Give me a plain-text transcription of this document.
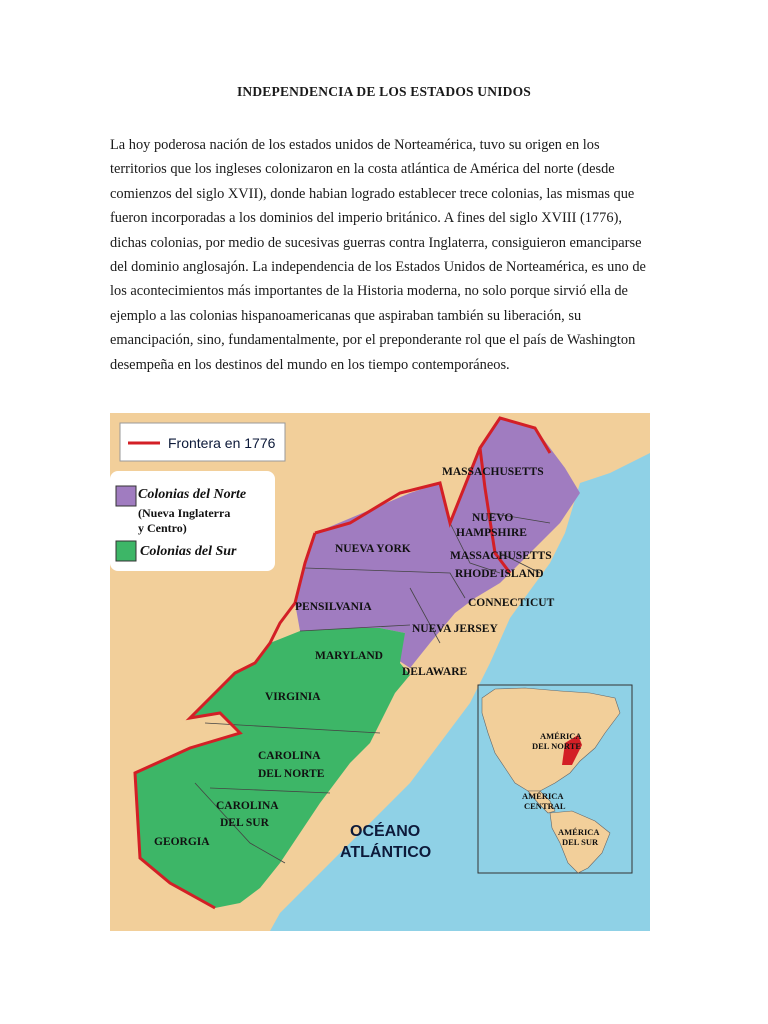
INDEPENDENCIA DE LOS ESTADOS UNIDOS

La hoy poderosa nación de los estados unidos de Norteamérica, tuvo su origen en los territorios que los ingleses colonizaron en la costa atlántica de América del norte (desde comienzos del siglo XVII), donde habian logrado establecer trece colonias, las mismas que fueron incorporadas a los dominios del imperio británico. A fines del siglo XVIII (1776), dichas colonias, por medio de sucesivas guerras contra Inglaterra, consiguieron emanciparse del dominio anglosajón. La independencia de los Estados Unidos de Norteamérica, es uno de los acontecimientos más importantes de la Historia moderna, no solo porque sirvió ella de ejemplo a las colonias hispanoamericanas que aspiraban también su liberación, su emancipación, sino, fundamentalmente, por el preponderante rol que el país de Washington desempeña en los destinos del mundo en los tiempo contemporáneos.

Frontera en 1776
Colonias del Norte
(Nueva Inglaterra
y Centro)
Colonias del Sur
MASSACHUSETTS
NUEVO
HAMPSHIRE
MASSACHUSETTS
RHODE ISLAND
CONNECTICUT
NUEVA YORK
PENSILVANIA
NUEVA JERSEY
MARYLAND
DELAWARE
VIRGINIA
CAROLINA
DEL NORTE
CAROLINA
DEL SUR
GEORGIA
OCÉANO
ATLÁNTICO
AMÉRICA
DEL NORTE
AMÉRICA
CENTRAL
AMÉRICA
DEL SUR
